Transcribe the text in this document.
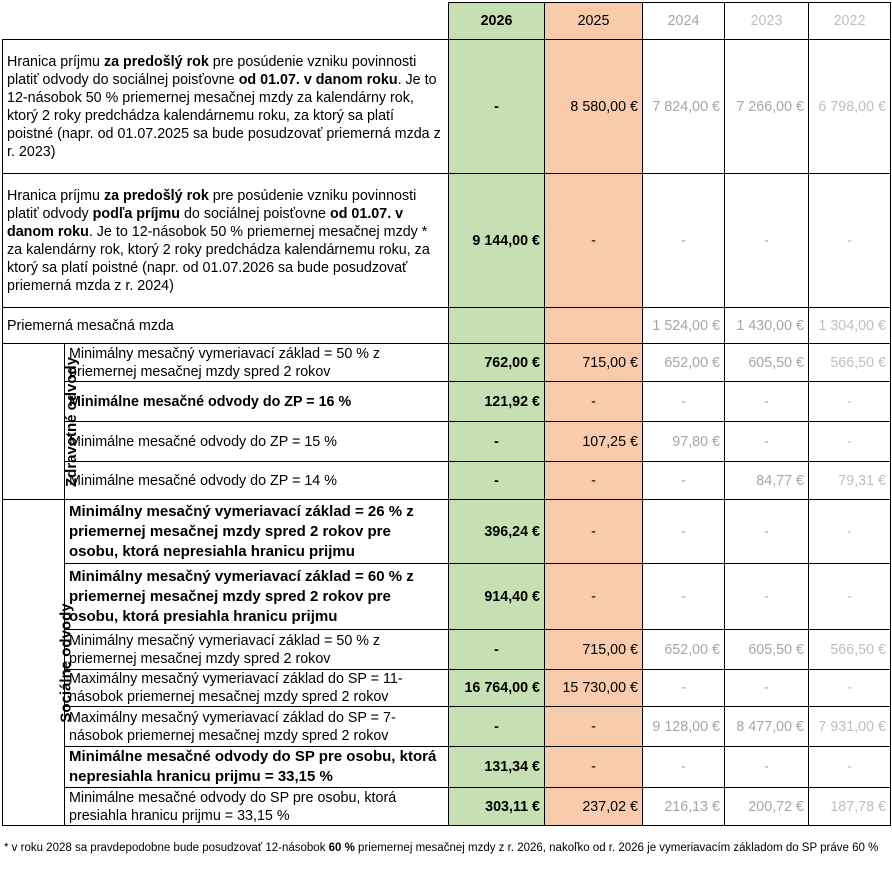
		2026	2025	2024	2023	2022
Hranica príjmu za predošlý rok pre posúdenie vzniku povinnosti platiť odvody do sociálnej poisťovne od 01.07. v danom roku. Je to 12-násobok 50 % priemernej mesačnej mzdy za kalendárny rok, ktorý 2 roky predchádza kalendárnemu roku, za ktorý sa platí poistné (napr. od 01.07.2025 sa bude posudzovať priemerná mzda z r. 2023)		-	8 580,00 €	7 824,00 €	7 266,00 €	6 798,00 €
Hranica príjmu za predošlý rok pre posúdenie vzniku povinnosti platiť odvody podľa príjmu do sociálnej poisťovne od 01.07. v danom roku. Je to 12-násobok 50 % priemernej mesačnej mzdy * za kalendárny rok, ktorý 2 roky predchádza kalendárnemu roku, za ktorý sa platí poistné (napr. od 01.07.2026 sa bude posudzovať priemerná mzda z r. 2024)		9 144,00 €	-	-	-	-
Priemerná mesačná mzda				1 524,00 €	1 430,00 €	1 304,00 €
Zdravotné odvody	Minimálny mesačný vymeriavací základ = 50 % z priemernej mesačnej mzdy spred 2 rokov	762,00 €	715,00 €	652,00 €	605,50 €	566,50 €
	Minimálne mesačné odvody do ZP = 16 %	121,92 €	-	-	-	-
	Minimálne mesačné odvody do ZP = 15 %	-	107,25 €	97,80 €	-	-
	Minimálne mesačné odvody do ZP = 14 %	-	-	-	84,77 €	79,31 €
Sociálne odvody	Minimálny mesačný vymeriavací základ = 26 % z priemernej mesačnej mzdy spred 2 rokov pre osobu, ktorá nepresiahla hranicu prijmu	396,24 €	-	-	-	-
	Minimálny mesačný vymeriavací základ = 60 % z priemernej mesačnej mzdy spred 2 rokov pre osobu, ktorá presiahla hranicu prijmu	914,40 €	-	-	-	-
	Minimálny mesačný vymeriavací základ = 50 % z priemernej mesačnej mzdy spred 2 rokov	-	715,00 €	652,00 €	605,50 €	566,50 €
	Maximálny mesačný vymeriavací základ do SP = 11-násobok priemernej mesačnej mzdy spred 2 rokov	16 764,00 €	15 730,00 €	-	-	-
	Maximálny mesačný vymeriavací základ do SP = 7-násobok priemernej mesačnej mzdy spred 2 rokov	-	-	9 128,00 €	8 477,00 €	7 931,00 €
	Minimálne mesačné odvody do SP pre osobu, ktorá nepresiahla hranicu prijmu = 33,15 %	131,34 €	-	-	-	-
	Minimálne mesačné odvody do SP pre osobu, ktorá presiahla hranicu prijmu = 33,15 %	303,11 €	237,02 €	216,13 €	200,72 €	187,78 €
* v roku 2028 sa pravdepodobne bude posudzovať 12-násobok 60 % priemernej mesačnej mzdy z r. 2026, nakoľko od r. 2026 je vymeriavacím základom do SP práve 60 %
